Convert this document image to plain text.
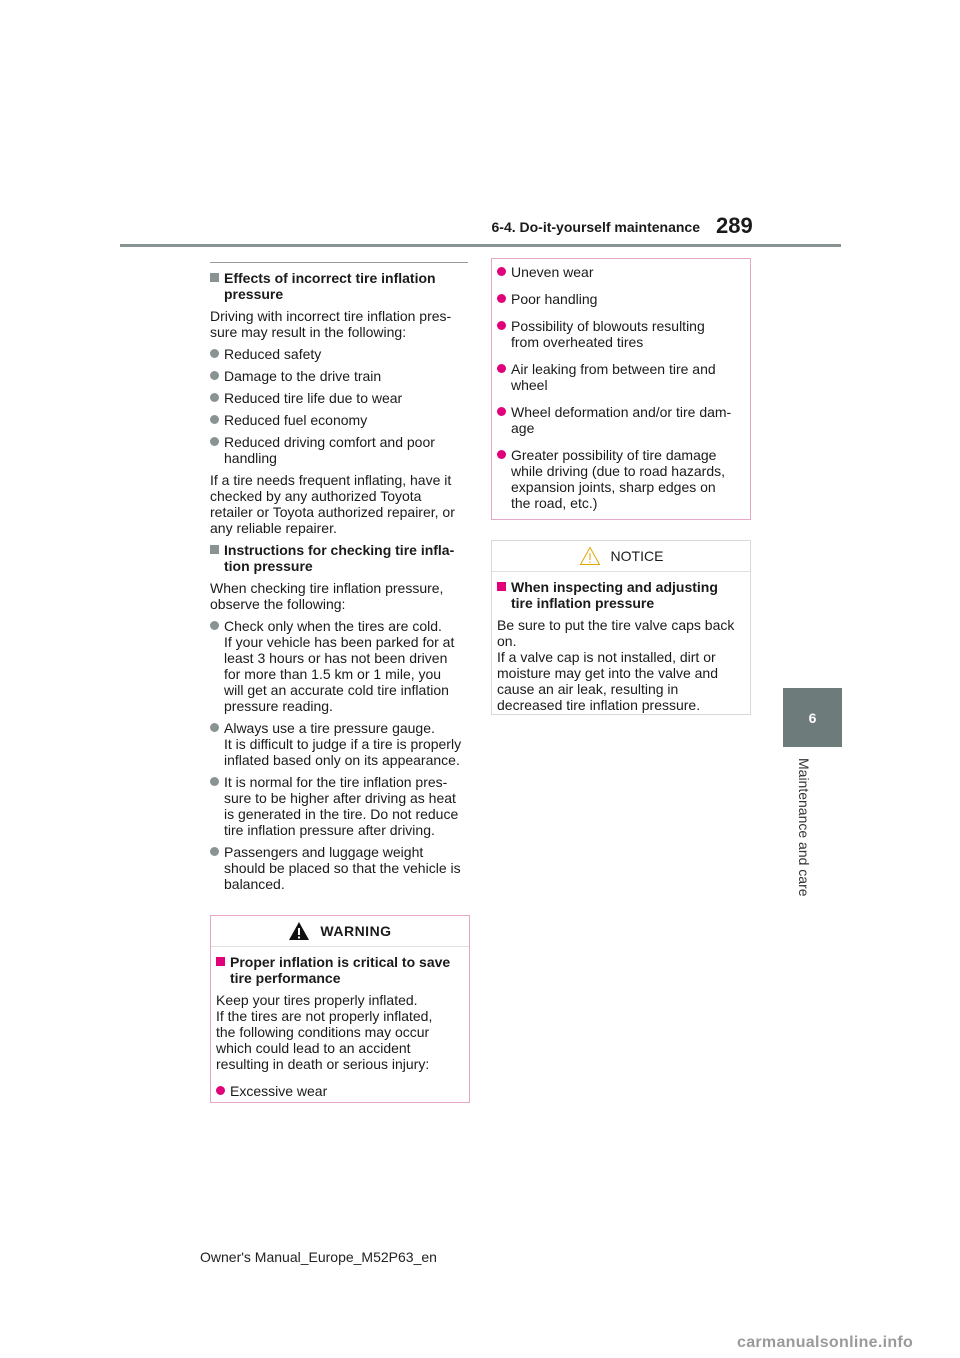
6-4. Do-it-yourself maintenance 289
6
Maintenance and care
Effects of incorrect tire inflation
pressure
Driving with incorrect tire inflation pres-
sure may result in the following:
Reduced safety
Damage to the drive train
Reduced tire life due to wear
Reduced fuel economy
Reduced driving comfort and poor
handling
If a tire needs frequent inflating, have it
checked by any authorized Toyota
retailer or Toyota authorized repairer, or
any reliable repairer.
Instructions for checking tire infla-
tion pressure
When checking tire inflation pressure,
observe the following:
Check only when the tires are cold.
If your vehicle has been parked for at
least 3 hours or has not been driven
for more than 1.5 km or 1 mile, you
will get an accurate cold tire inflation
pressure reading.
Always use a tire pressure gauge.
It is difficult to judge if a tire is properly
inflated based only on its appearance.
It is normal for the tire inflation pres-
sure to be higher after driving as heat
is generated in the tire. Do not reduce
tire inflation pressure after driving.
Passengers and luggage weight
should be placed so that the vehicle is
balanced.
WARNING
Proper inflation is critical to save
tire performance
Keep your tires properly inflated.
If the tires are not properly inflated,
the following conditions may occur
which could lead to an accident
resulting in death or serious injury:
Excessive wear
Uneven wear
Poor handling
Possibility of blowouts resulting
from overheated tires
Air leaking from between tire and
wheel
Wheel deformation and/or tire dam-
age
Greater possibility of tire damage
while driving (due to road hazards,
expansion joints, sharp edges on
the road, etc.)
NOTICE
When inspecting and adjusting
tire inflation pressure
Be sure to put the tire valve caps back
on.
If a valve cap is not installed, dirt or
moisture may get into the valve and
cause an air leak, resulting in
decreased tire inflation pressure.
Owner's Manual_Europe_M52P63_en
carmanualsonline.info
